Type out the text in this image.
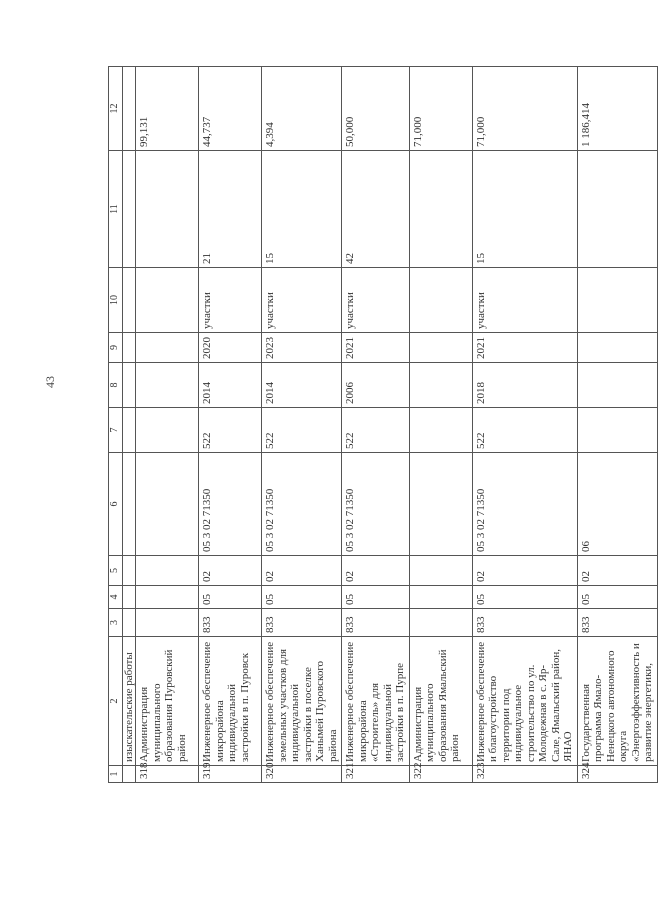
43
1	2	3	4	5	6	7	8	9	10	11	12
	изыскательские работы										
318	Администрация муниципального образования Пуровский район										99,131
319	Инженерное обеспечение микрорайона индивидуальной застройки в п. Пуровск	833	05	02	05 3 02 71350	522	2014	2020	участки	21	44,737
320	Инженерное обеспечение земельных участков для индивидуальной застройки в поселке Ханымей Пуровского района	833	05	02	05 3 02 71350	522	2014	2023	участки	15	4,394
321	Инженерное обеспечение микрорайона «Строитель» для индивидуальной застройки в п. Пурпе	833	05	02	05 3 02 71350	522	2006	2021	участки	42	50,000
322	Администрация муниципального образования Ямальский район										71,000
323	Инженерное обеспечение и благоустройство территории под индивидуальное строительство по ул. Молодежная в с. Яр-Сале, Ямальский район, ЯНАО	833	05	02	05 3 02 71350	522	2018	2021	участки	15	71,000
324	Государственная программа Ямало-Ненецкого автономного округа «Энергоэффективность и развитие энергетики,	833	05	02	06						1 186,414
